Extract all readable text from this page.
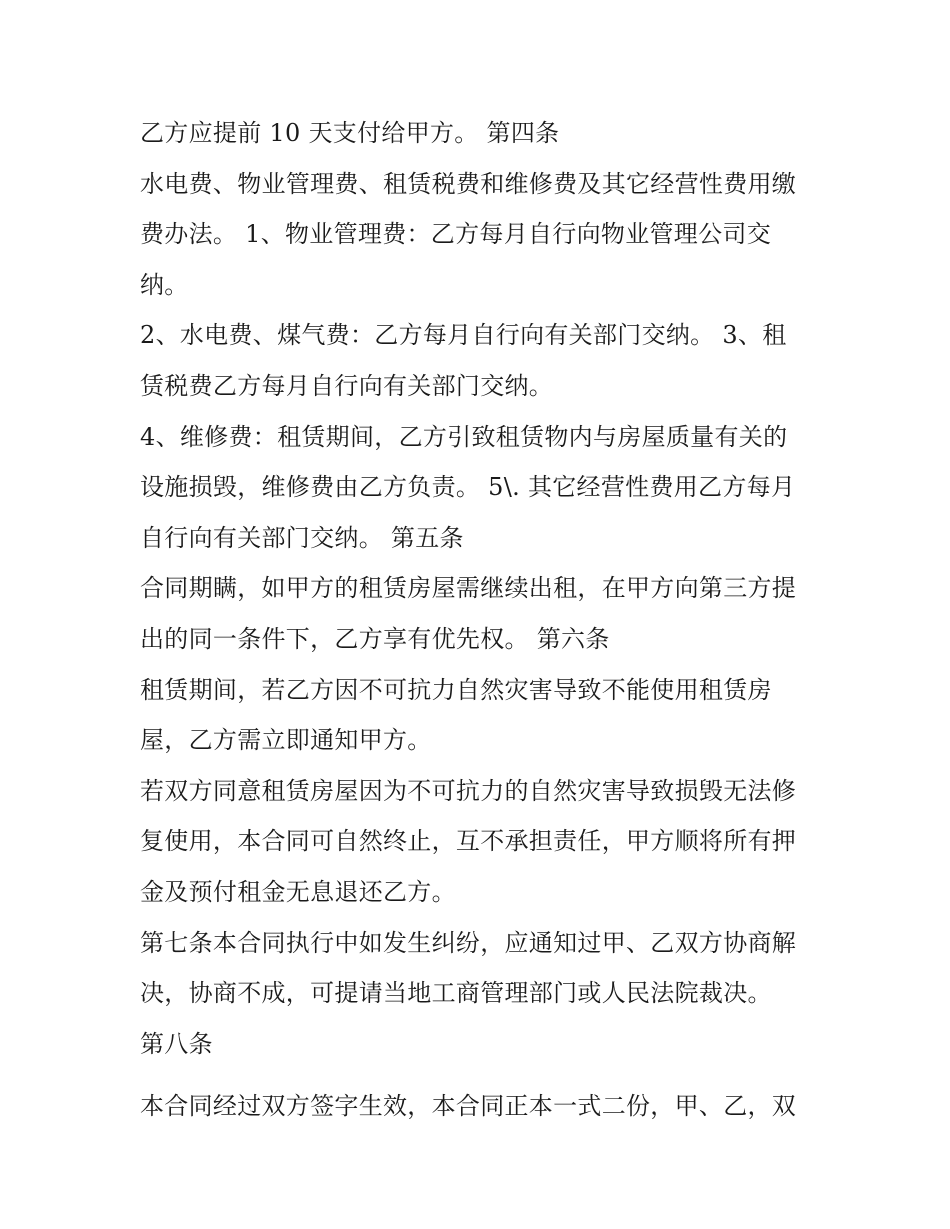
乙方应提前 10 天支付给甲方。 第四条
水电费、物业管理费、租赁税费和维修费及其它经营性费用缴
费办法。 1、物业管理费：乙方每月自行向物业管理公司交
纳。
2、水电费、煤气费：乙方每月自行向有关部门交纳。 3、租
赁税费乙方每月自行向有关部门交纳。
4、维修费：租赁期间，乙方引致租赁物内与房屋质量有关的
设施损毁，维修费由乙方负责。 5\. 其它经营性费用乙方每月
自行向有关部门交纳。 第五条
合同期瞒，如甲方的租赁房屋需继续出租，在甲方向第三方提
出的同一条件下，乙方享有优先权。 第六条
租赁期间，若乙方因不可抗力自然灾害导致不能使用租赁房
屋，乙方需立即通知甲方。
若双方同意租赁房屋因为不可抗力的自然灾害导致损毁无法修
复使用，本合同可自然终止，互不承担责任，甲方顺将所有押
金及预付租金无息退还乙方。
第七条本合同执行中如发生纠纷，应通知过甲、乙双方协商解
决，协商不成，可提请当地工商管理部门或人民法院裁决。
第八条
本合同经过双方签字生效，本合同正本一式二份，甲、乙，双
